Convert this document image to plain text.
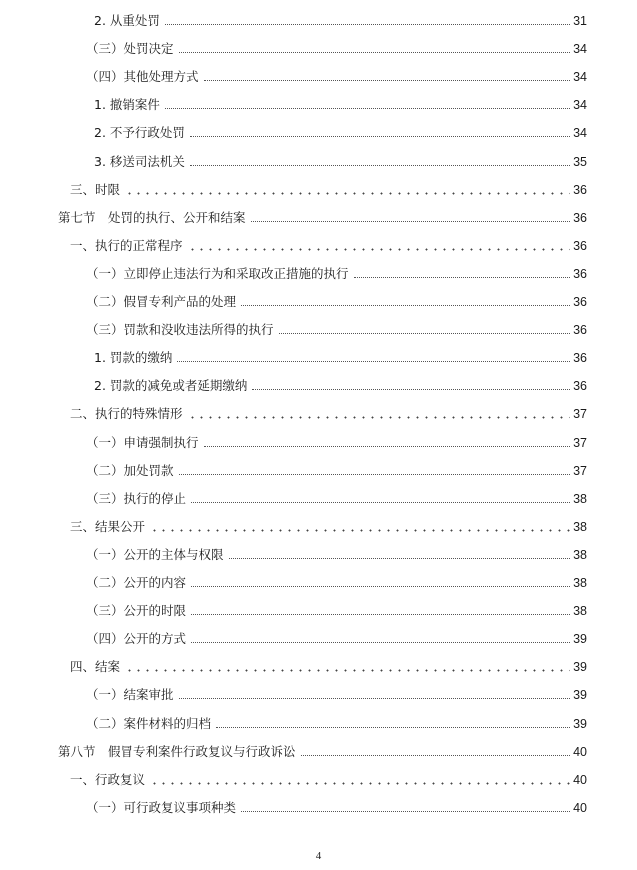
2. 从重处罚	31
（三）处罚决定	34
（四）其他处理方式	34
1. 撤销案件	34
2. 不予行政处罚	34
3. 移送司法机关	35
三、时限	36
第七节　处罚的执行、公开和结案	36
一、执行的正常程序	36
（一）立即停止违法行为和采取改正措施的执行	36
（二）假冒专利产品的处理	36
（三）罚款和没收违法所得的执行	36
1. 罚款的缴纳	36
2. 罚款的减免或者延期缴纳	36
二、执行的特殊情形	37
（一）申请强制执行	37
（二）加处罚款	37
（三）执行的停止	38
三、结果公开	38
（一）公开的主体与权限	38
（二）公开的内容	38
（三）公开的时限	38
（四）公开的方式	39
四、结案	39
（一）结案审批	39
（二）案件材料的归档	39
第八节　假冒专利案件行政复议与行政诉讼	40
一、行政复议	40
（一）可行政复议事项种类	40
4
